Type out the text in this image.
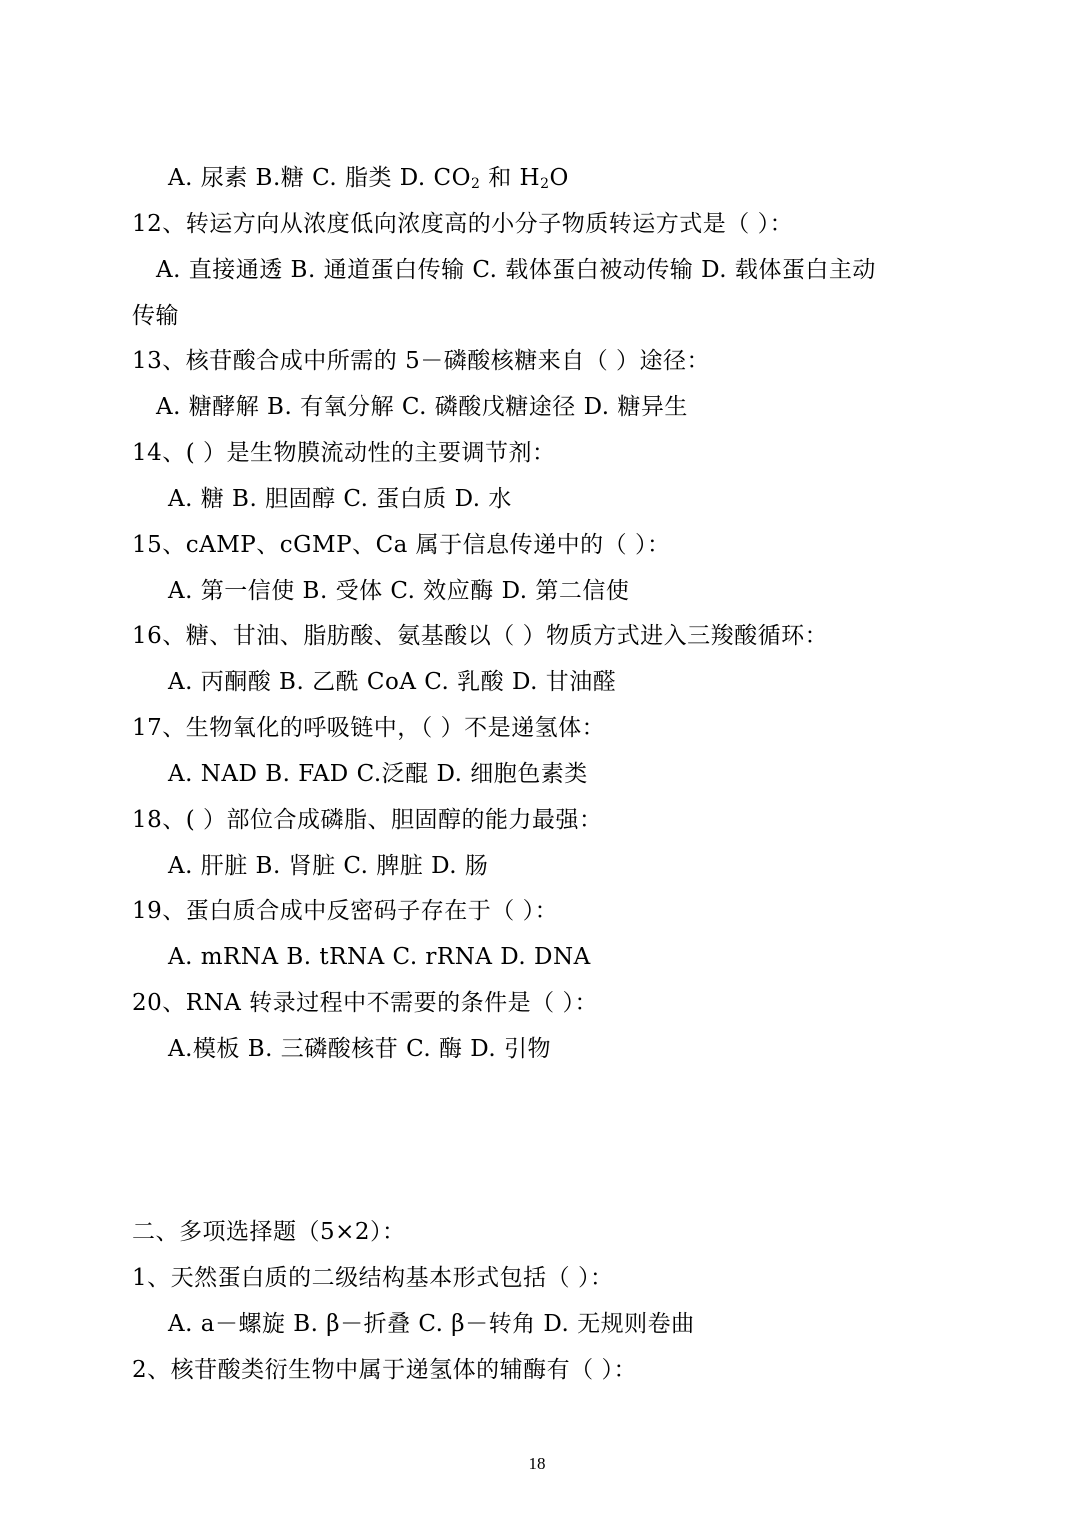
A. 尿素 B.糖 C. 脂类 D. $CO_2$ 和 $H_2O$
12、转运方向从浓度低向浓度高的小分子物质转运方式是（ ）：
A. 直接通透 B. 通道蛋白传输 C. 载体蛋白被动传输 D. 载体蛋白主动
传输
13、核苷酸合成中所需的 5－磷酸核糖来自（ ）途径：
A. 糖酵解 B. 有氧分解 C. 磷酸戊糖途径 D. 糖异生
14、( ）是生物膜流动性的主要调节剂：
A. 糖 B. 胆固醇 C. 蛋白质 D. 水
15、cAMP、cGMP、Ca 属于信息传递中的（ ）：
A. 第一信使 B. 受体 C. 效应酶 D. 第二信使
16、糖、甘油、脂肪酸、氨基酸以（ ）物质方式进入三羧酸循环：
A. 丙酮酸 B. 乙酰 CoA C. 乳酸 D. 甘油醛
17、生物氧化的呼吸链中，（ ）不是递氢体：
A. NAD B. FAD C.泛醌 D. 细胞色素类
18、( ）部位合成磷脂、胆固醇的能力最强：
A. 肝脏 B. 肾脏 C. 脾脏 D. 肠
19、蛋白质合成中反密码子存在于（ ）：
A. mRNA B. tRNA C. rRNA D. DNA
20、RNA 转录过程中不需要的条件是（ ）：
A.模板 B. 三磷酸核苷 C. 酶 D. 引物
二、多项选择题（5×2）：
1、天然蛋白质的二级结构基本形式包括（ ）：
A. a－螺旋 B. β－折叠 C. β－转角 D. 无规则卷曲
2、核苷酸类衍生物中属于递氢体的辅酶有（ ）：
18
